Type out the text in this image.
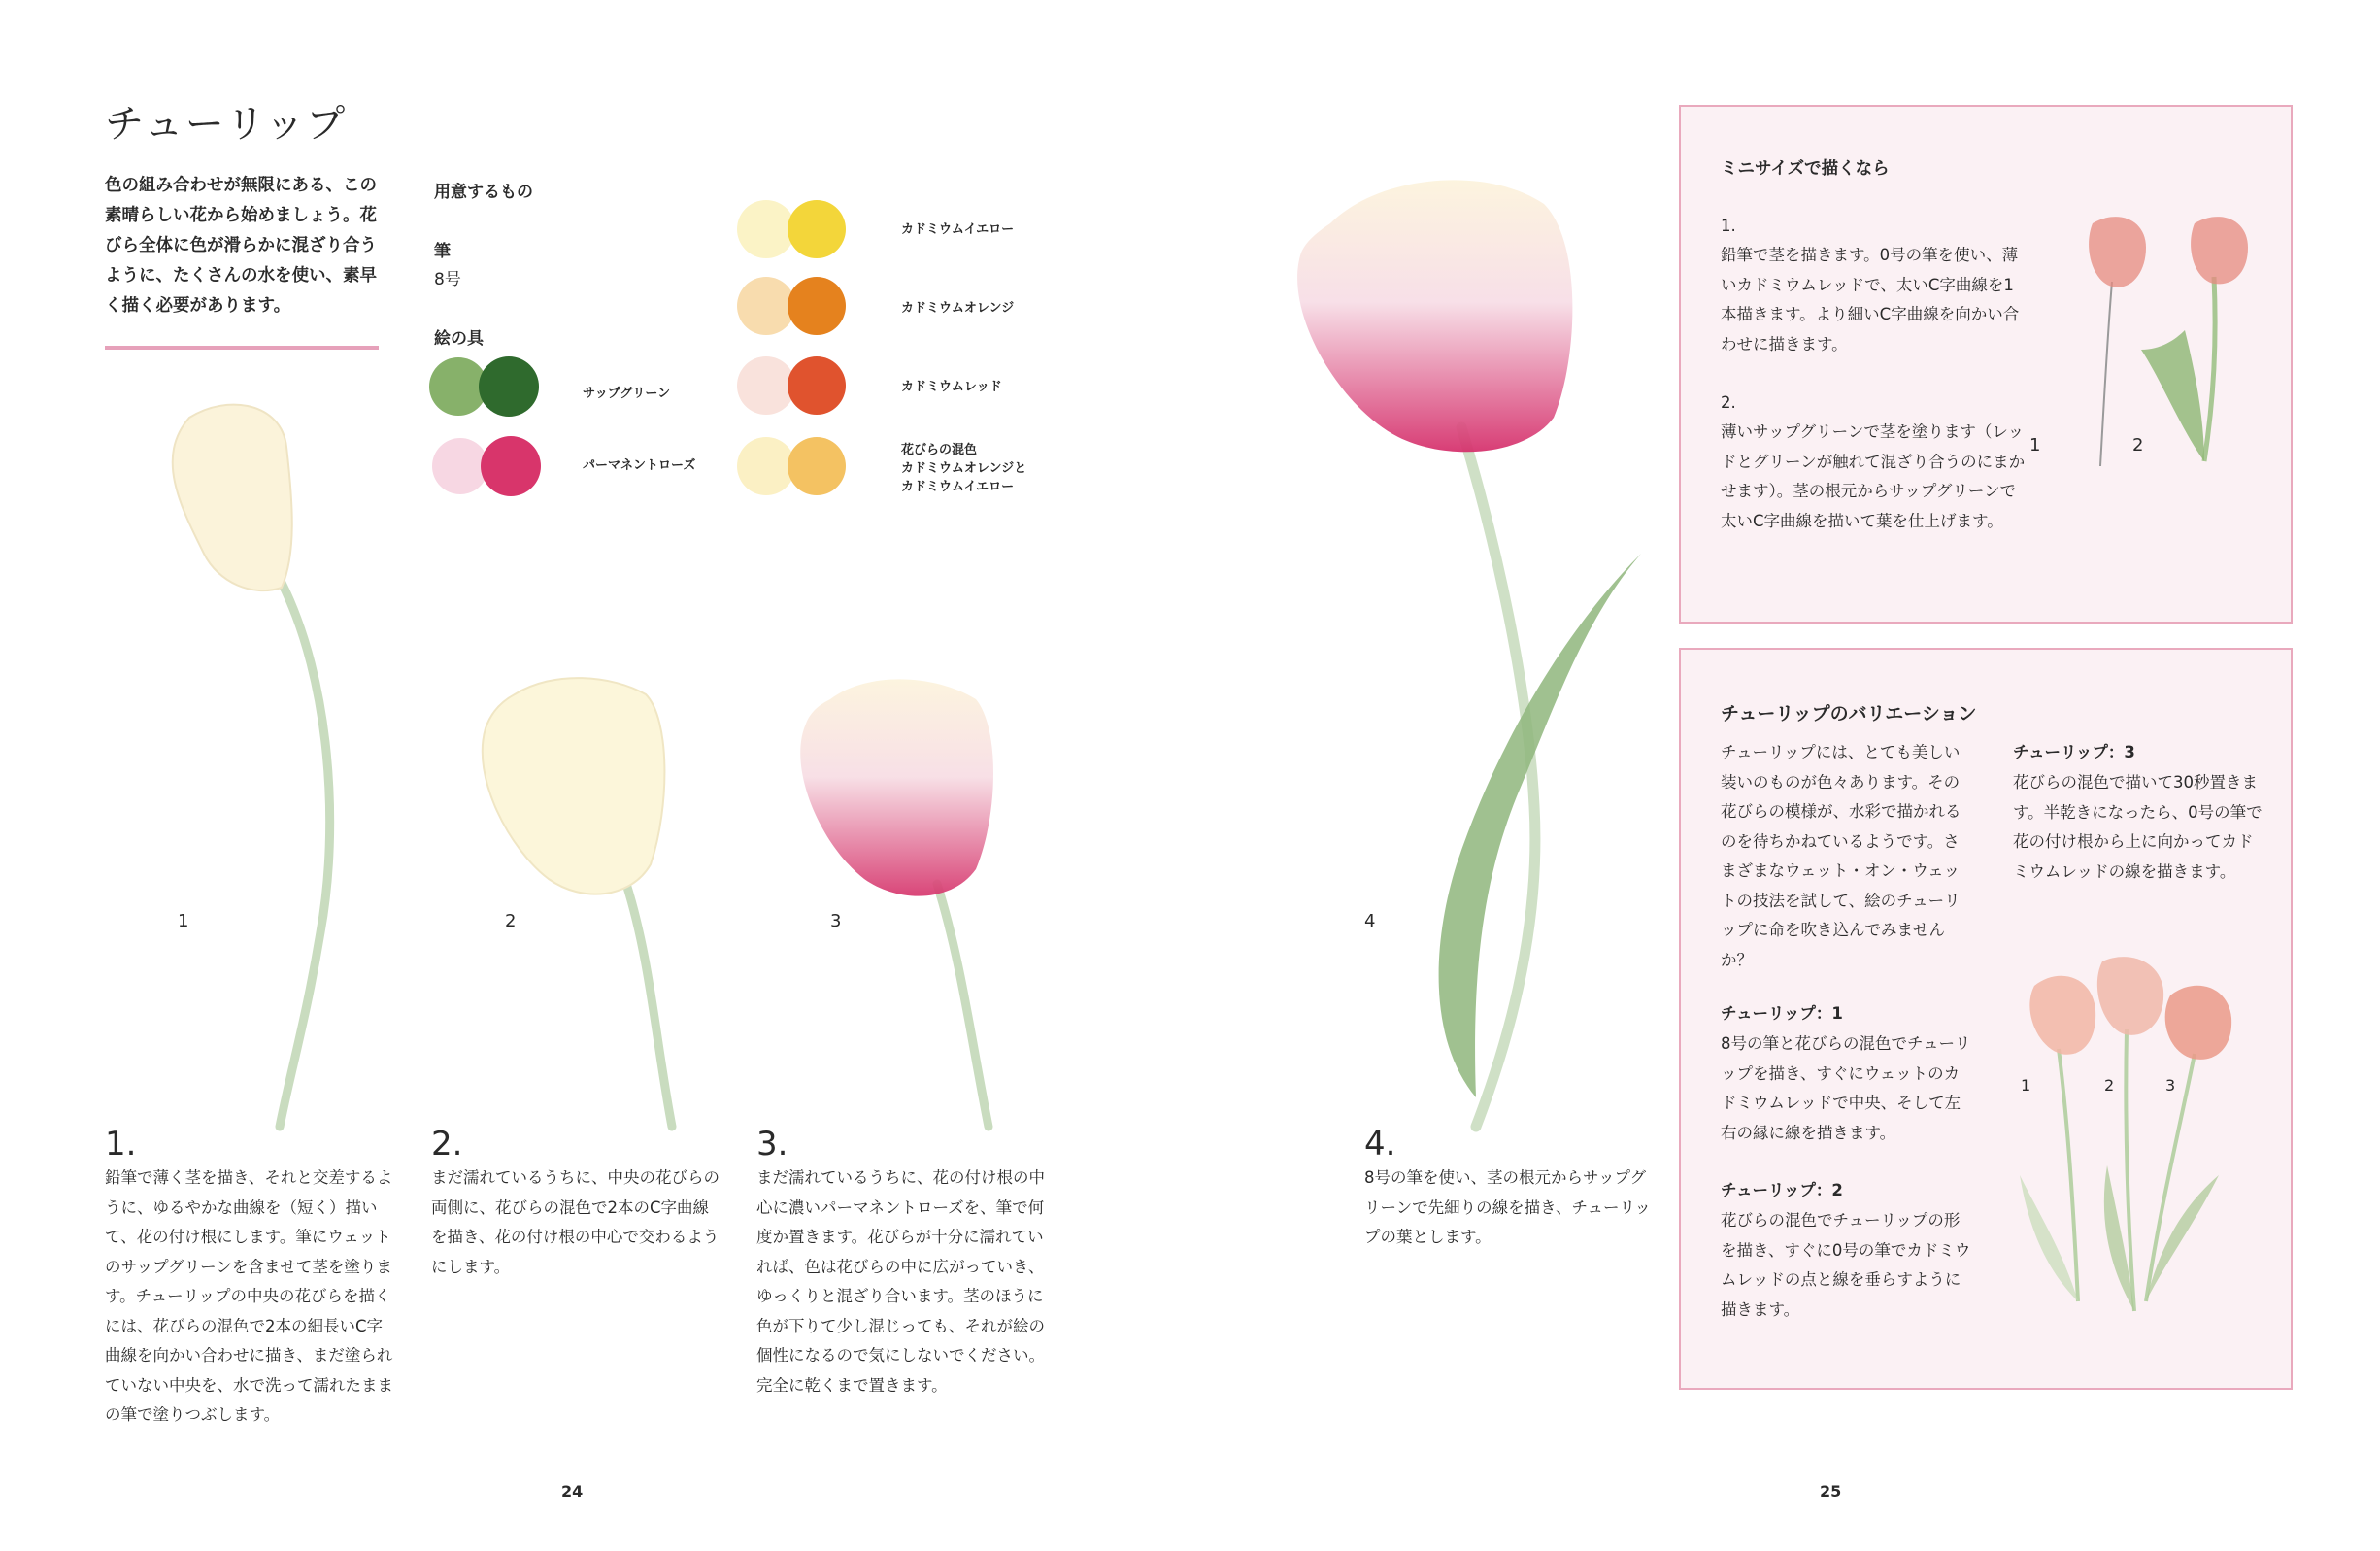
チューリップ
色の組み合わせが無限にある、この素晴らしい花から始めましょう。花びら全体に色が滑らかに混ざり合うように、たくさんの水を使い、素早く描く必要があります。
用意するもの
筆
8号
絵の具
サップグリーン
パーマネントローズ
カドミウムイエロー
カドミウムオレンジ
カドミウムレッド
花びらの混色
カドミウムオレンジと
カドミウムイエロー
1	2	3
1.
鉛筆で薄く茎を描き、それと交差するように、ゆるやかな曲線を（短く）描いて、花の付け根にします。筆にウェットのサップグリーンを含ませて茎を塗ります。チューリップの中央の花びらを描くには、花びらの混色で2本の細長いC字曲線を向かい合わせに描き、まだ塗られていない中央を、水で洗って濡れたままの筆で塗りつぶします。
2.
まだ濡れているうちに、中央の花びらの両側に、花びらの混色で2本のC字曲線を描き、花の付け根の中心で交わるようにします。
3.
まだ濡れているうちに、花の付け根の中心に濃いパーマネントローズを、筆で何度か置きます。花びらが十分に濡れていれば、色は花びらの中に広がっていき、ゆっくりと混ざり合います。茎のほうに色が下りて少し混じっても、それが絵の個性になるので気にしないでください。完全に乾くまで置きます。
24
4
4.
8号の筆を使い、茎の根元からサップグリーンで先細りの線を描き、チューリップの葉とします。
ミニサイズで描くなら
1.
鉛筆で茎を描きます。0号の筆を使い、薄いカドミウムレッドで、太いC字曲線を1本描きます。より細いC字曲線を向かい合わせに描きます。
2.
薄いサップグリーンで茎を塗ります（レッドとグリーンが触れて混ざり合うのにまかせます）。茎の根元からサップグリーンで太いC字曲線を描いて葉を仕上げます。
1	2
チューリップのバリエーション
チューリップには、とても美しい装いのものが色々あります。その花びらの模様が、水彩で描かれるのを待ちかねているようです。さまざまなウェット・オン・ウェットの技法を試して、絵のチューリップに命を吹き込んでみませんか？
チューリップ：1
8号の筆と花びらの混色でチューリップを描き、すぐにウェットのカドミウムレッドで中央、そして左右の縁に線を描きます。
チューリップ：2
花びらの混色でチューリップの形を描き、すぐに0号の筆でカドミウムレッドの点と線を垂らすように描きます。
チューリップ：3
花びらの混色で描いて30秒置きます。半乾きになったら、0号の筆で花の付け根から上に向かってカドミウムレッドの線を描きます。
1	2	3
25
